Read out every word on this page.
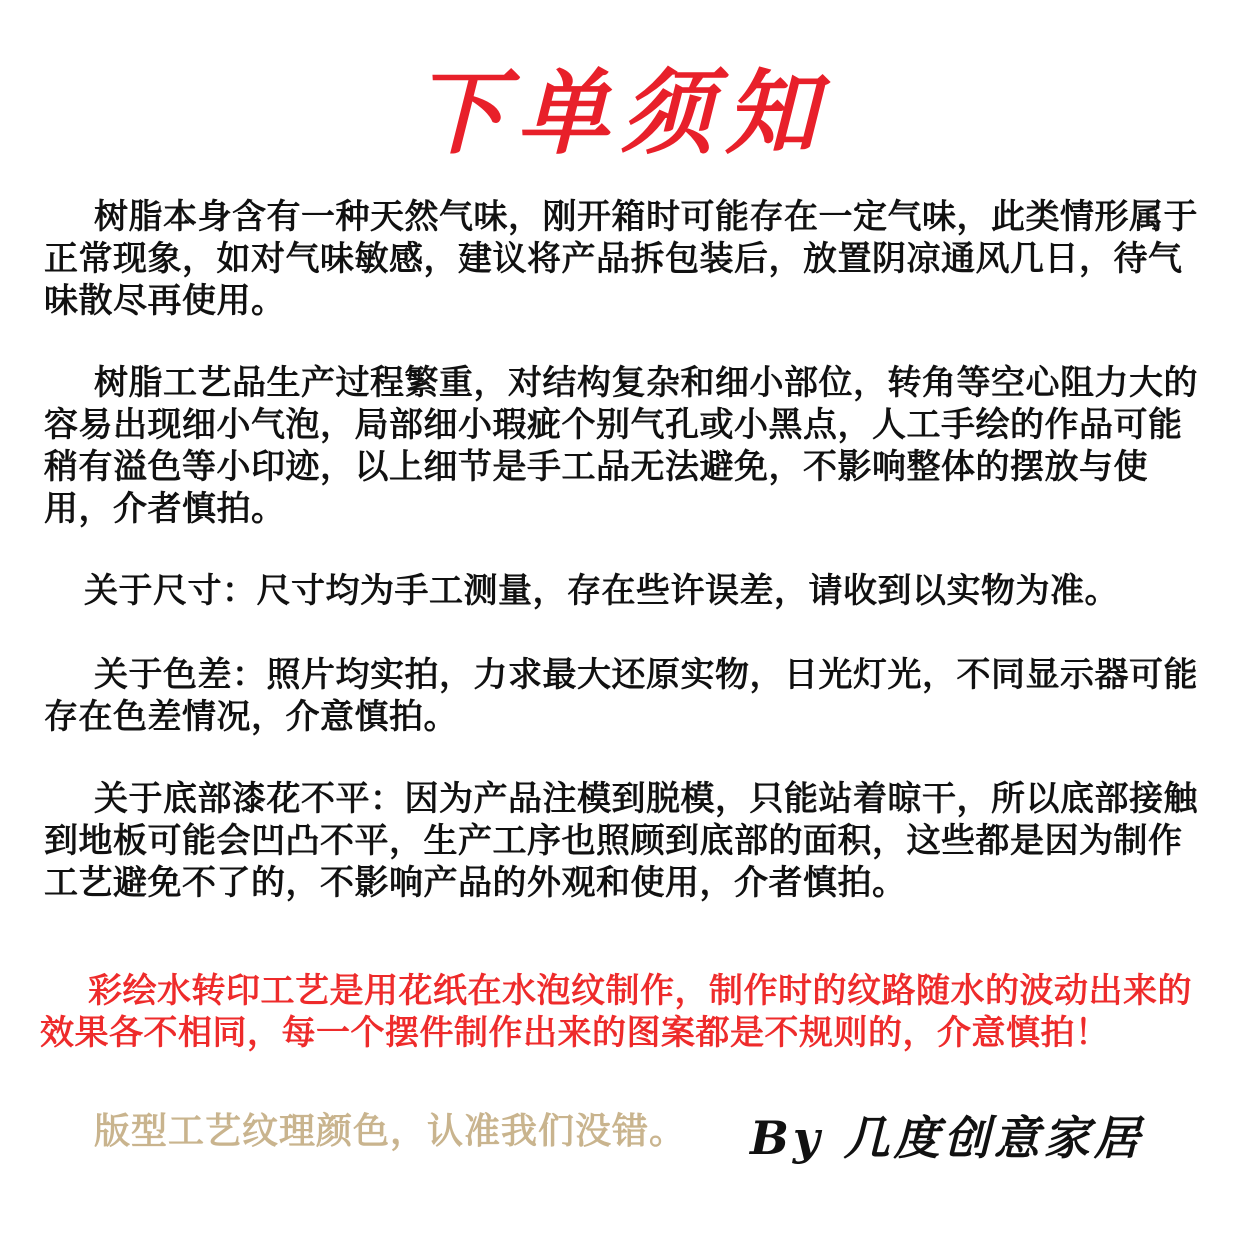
下单须知

树脂本身含有一种天然气味，刚开箱时可能存在一定气味，此类情形属于正常现象，如对气味敏感，建议将产品拆包装后，放置阴凉通风几日，待气味散尽再使用。

树脂工艺品生产过程繁重，对结构复杂和细小部位，转角等空心阻力大的容易出现细小气泡，局部细小瑕疵个别气孔或小黑点，人工手绘的作品可能稍有溢色等小印迹，以上细节是手工品无法避免，不影响整体的摆放与使用，介者慎拍。

关于尺寸：尺寸均为手工测量，存在些许误差，请收到以实物为准。

关于色差：照片均实拍，力求最大还原实物，日光灯光，不同显示器可能存在色差情况，介意慎拍。

关于底部漆花不平：因为产品注模到脱模，只能站着晾干，所以底部接触到地板可能会凹凸不平，生产工序也照顾到底部的面积，这些都是因为制作工艺避免不了的，不影响产品的外观和使用，介者慎拍。

彩绘水转印工艺是用花纸在水泡纹制作，制作时的纹路随水的波动出来的效果各不相同，每一个摆件制作出来的图案都是不规则的，介意慎拍！

版型工艺纹理颜色，认准我们没错。 By 几度创意家居
